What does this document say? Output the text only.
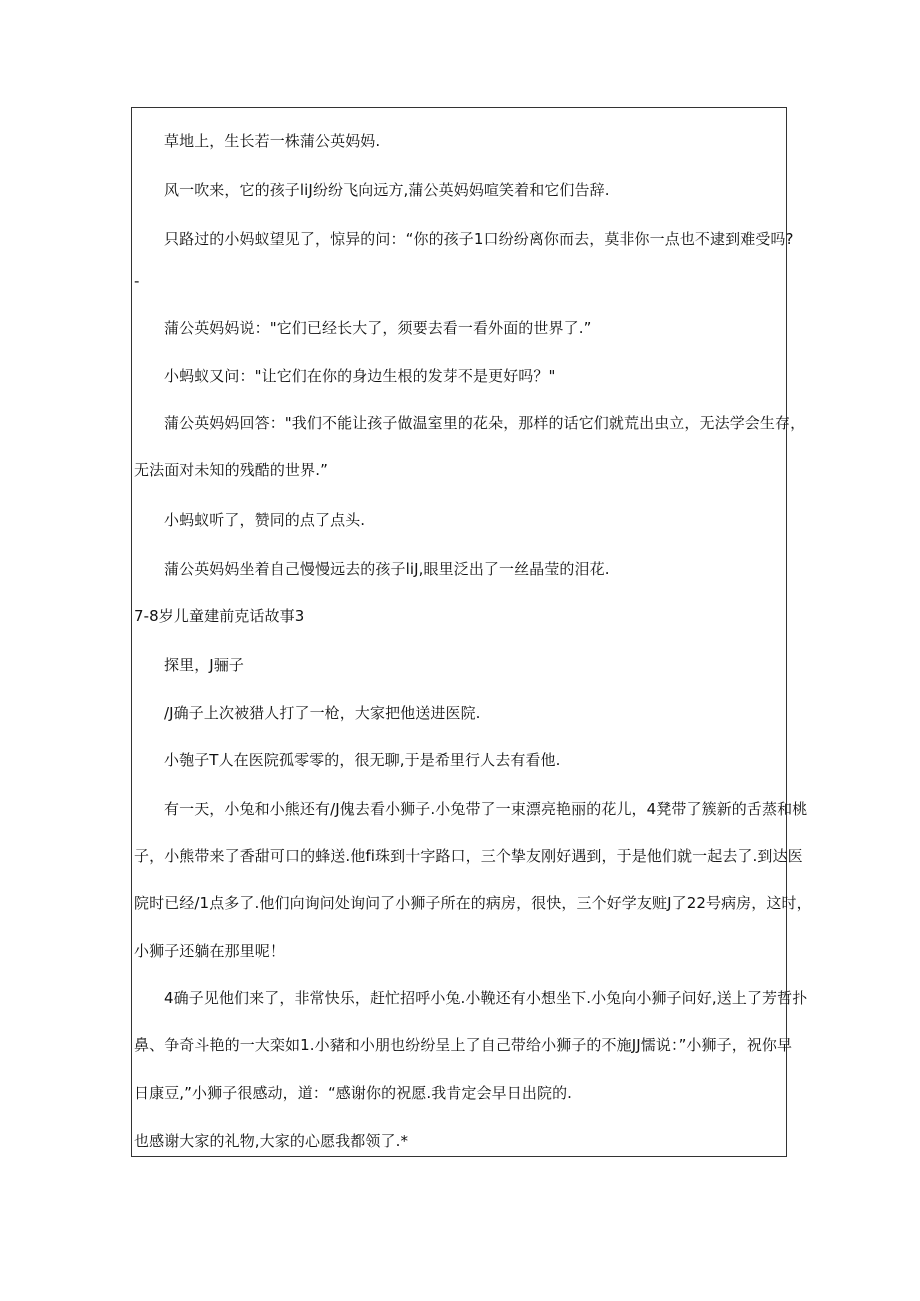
草地上，生长若一株蒲公英妈妈.
风一吹来，它的孩子liJ纷纷飞向远方,蒲公英妈妈喧笑着和它们告辞.
只路过的小妈蚁望见了，惊异的问：“你的孩子1口纷纷离你而去，莫非你一点也不逮到难受吗?
-
蒲公英妈妈说："它们已经长大了，须要去看一看外面的世界了.”
小蚂蚁又问："让它们在你的身边生根的发芽不是更好吗？"
蒲公英妈妈回答："我们不能让孩子做温室里的花朵，那样的话它们就荒出虫立，无法学会生存，
无法面对未知的残酷的世界.”
小蚂蚁听了，赞同的点了点头.
蒲公英妈妈坐着自己慢慢远去的孩子liJ,眼里泛出了一丝晶莹的泪花.
7-8岁儿童建前克话故事3
探里，J骊子
/J确子上次被猎人打了一枪，大家把他送进医院.
小匏子T人在医院孤零零的，很无聊,于是希里行人去有看他.
有一天，小兔和小熊还有/J傀去看小狮子.小兔带了一束漂亮艳丽的花儿，4凳带了簇新的舌蒸和桃
子，小熊带来了香甜可口的蜂送.他fi珠到十字路口，三个挚友刚好遇到，于是他们就一起去了.到达医
院时已经/1点多了.他们向询问处询问了小狮子所在的病房，很快，三个好学友赃J了22号病房，这时，
小狮子还躺在那里呢！
4确子见他们来了，非常快乐，赶忙招呼小兔.小鞔还有小想坐下.小兔向小狮子问好,送上了芳哲扑
鼻、争奇斗艳的一大栾如1.小豬和小朋也纷纷呈上了自己带给小狮子的不施JJ懦说：”小狮子，祝你早
日康豆,”小狮子很感动，道：“感谢你的祝愿.我肯定会早日出院的.
也感谢大家的礼物,大家的心愿我都领了.*
